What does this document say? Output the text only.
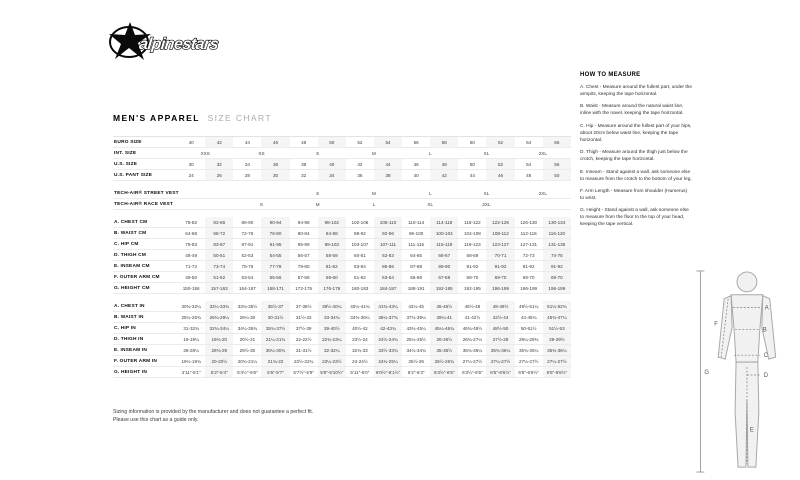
alpinestars
MEN'S APPAREL SIZE CHART
EURO SIZE	40	42	44	46	48	50	52	54	56	58	60	62	64	66
INT. SIZE	XXS		XS		S		M		L		XL		2XL	
U.S. SIZE	30	32	34	36	38	40	42	44	46	48	50	52	54	56
U.S. PANT SIZE	24	26	28	30	32	34	36	38	40	42	44	46	48	50

TECH-AIR® STREET VEST					S		M		L		XL		2XL	
TECH-AIR® RACE VEST			S		M		L		XL		2XL			

A. CHEST CM	78-82	82-86	86-90	90-94	94-98	98-102	102-106	106-110	110-114	114-118	118-122	122-126	126-130	130-134
B. WAIST CM	64-68	68-72	72-76	76-80	80-84	84-88	88-92	92-96	96-100	100-104	104-108	108-112	112-116	116-120
C. HIP CM	79-83	83-87	87-91	91-95	95-99	99-103	103-107	107-111	111-115	115-119	119-123	123-127	127-131	131-135
D. THIGH CM	48-49	50-51	52-53	54-55	56-57	58-59	60-61	62-63	64-65	66-67	68-69	70-71	72-73	74-75
E. INSEAM CM	71-72	73-74	75-76	77-78	79-80	81-82	83-84	85-86	87-88	89-90	91-92	91-92	91-92	91-92
F. OUTER ARM CM	49-50	51-52	53-54	55-56	57-58	59-60	61-62	63-64	65-66	67-68	69-70	69-70	69-70	69-70
G. HEIGHT CM	150-156	157-163	164-167	168-171	172-175	176-179	180-183	184-187	188-191	192-195	192-195	196-199	196-199	196-199

A. CHEST IN	30¾-32¼	32¼-33¾	33¾-35½	35½-37	37-38½	38½-40¼	40¼-41¾	41¾-43¼	43¼-45	45-46½	46½-48	48-49½	49½-51¼	51¼-52¾
B. WAIST IN	25¼-26¾	26¾-28¼	28¼-30	30-31½	31½-33	33-34¾	34¾-36¼	36¼-37¾	37¾-39¼	39¼-41	41-42½	42½-44	44-45¾	45¾-47¼
C. HIP IN	31-32¾	32¾-34¼	34¼-35¾	35¾-37½	37½-39	39-40½	40½-42	42-43¾	43¾-45¼	45¼-46¾	46¾-48½	48½-50	50-51½	51½-53
D. THIGH IN	19-19¼	19¾-20	20½-21	21¼-21¾	22-22½	22¾-23¼	23½-24	24½-24¾	25¼-25½	26-26½	26¾-27¼	27½-28	28¼-28¾	29-29½
E. INSEAM IN	28-28¼	28¾-29	29½-30	30¼-30¾	31-31½	32-32¼	32¾-33	33½-33¾	34¼-34¾	35-35½	35¾-36¼	35¾-36¼	35¾-36¼	35¾-36¼
F. OUTER ARM IN	19¼-19¾	20-20½	20¾-21¼	21¾-22	22½-22¾	23¼-23½	24-24½	24¾-25¼	25½-26	26½-26¾	27¼-27½	27¼-27½	27¼-27½	27¼-27½
G. HEIGHT IN	4′11″-5′1″	5′2″-5′4″	5′4½″-5′6″	5′6″-5′7″	5′7½″-5′9″	5′9″-5′10½″	5′11″-6′0″	6′0½″-6′1½″	6′2″-6′3″	6′3½″-6′5″	6′3½″-6′5″	6′5″-6′6½″	6′5″-6′6½″	6′5″-6′6½″
HOW TO MEASURE

A. Chest - Measure around the fullest part, under the armpits, keeping the tape horizontal.

B. Waist - Measure around the natural waist line, inline with the navel, keeping the tape horizontal.

C. Hip - Measure around the fullest part of your hips, about 20cm below waist line, keeping the tape horizontal.

D. Thigh - Measure around the thigh just below the crotch, keeping the tape horizontal.

E. Inseam - Stand against a wall, ask someone else to measure from the crotch to the bottom of your leg.

F. Arm Length - Measure from shoulder (Humerus) to wrist.

G. Height - Stand against a wall, ask someone else to measure from the floor to the top of your head, keeping the tape vertical.

A
B
C
D
E
F
G
Sizing information is provided by the manufacturer and does not guarantee a perfect fit.
Please use this chart as a guide only.
